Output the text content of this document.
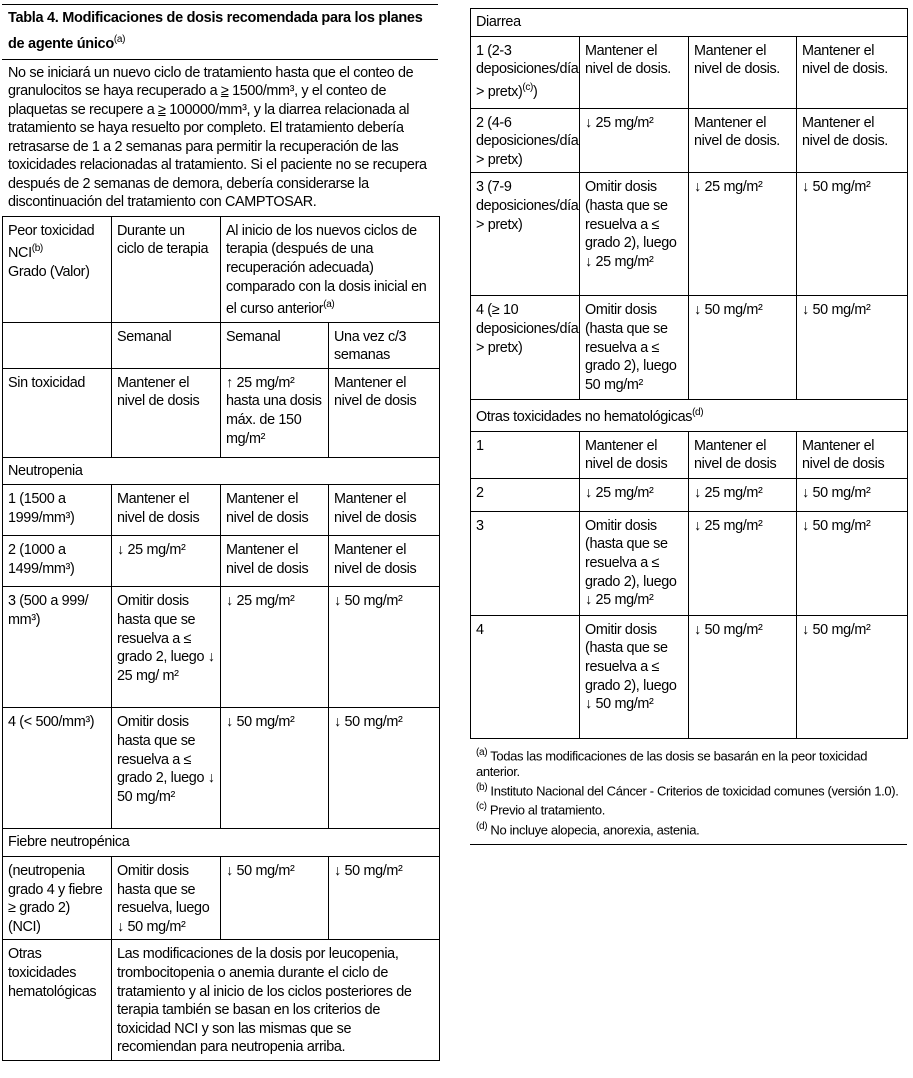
Tabla 4. Modificaciones de dosis recomendada para los planes de agente único$^{(a)}$
No se iniciará un nuevo ciclo de tratamiento hasta que el conteo de granulocitos se haya recuperado a ≥ 1500/mm³, y el conteo de plaquetas se recupere a ≥ 100000/mm³, y la diarrea relacionada al tratamiento se haya resuelto por completo. El tratamiento debería retrasarse de 1 a 2 semanas para permitir la recuperación de las toxicidades relacionadas al tratamiento. Si el paciente no se recupera después de 2 semanas de demora, debería considerarse la discontinuación del tratamiento con CAMPTOSAR.
Peor toxicidad NCI$^{(b)}$
Grado (Valor)	Durante un ciclo de terapia	Al inicio de los nuevos ciclos de terapia (después de una recuperación adecuada) comparado con la dosis inicial en el curso anterior$^{(a)}$
	Semanal	Semanal	Una vez c/3 semanas
Sin toxicidad	Mantener el nivel de dosis	↑ 25 mg/m² hasta una dosis máx. de 150 mg/m²	Mantener el nivel de dosis
Neutropenia			
1 (1500 a 1999/mm³)	Mantener el nivel de dosis	Mantener el nivel de dosis	Mantener el nivel de dosis
2 (1000 a 1499/mm³)	↓ 25 mg/m²	Mantener el nivel de dosis	Mantener el nivel de dosis
3 (500 a 999/ mm³)	Omitir dosis hasta que se resuelva a ≤ grado 2, luego ↓ 25 mg/ m²	↓ 25 mg/m²	↓ 50 mg/m²
4 (< 500/mm³)	Omitir dosis hasta que se resuelva a ≤ grado 2, luego ↓ 50 mg/m²	↓ 50 mg/m²	↓ 50 mg/m²
Fiebre neutropénica			
(neutropenia grado 4 y fiebre ≥ grado 2) (NCI)	Omitir dosis hasta que se resuelva, luego ↓ 50 mg/m²	↓ 50 mg/m²	↓ 50 mg/m²
Otras toxicidades hematológicas	Las modificaciones de la dosis por leucopenia, trombocitopenia o anemia durante el ciclo de tratamiento y al inicio de los ciclos posteriores de terapia también se basan en los criterios de toxicidad NCI y son las mismas que se recomiendan para neutropenia arriba.		
Diarrea			
1 (2-3 deposiciones/día > pretx)$^{(c)}$)	Mantener el nivel de dosis.	Mantener el nivel de dosis.	Mantener el nivel de dosis.
2 (4-6 deposiciones/día > pretx)	↓ 25 mg/m²	Mantener el nivel de dosis.	Mantener el nivel de dosis.
3 (7-9 deposiciones/día > pretx)	Omitir dosis (hasta que se resuelva a ≤ grado 2), luego ↓ 25 mg/m²	↓ 25 mg/m²	↓ 50 mg/m²
4 (≥ 10 deposiciones/día > pretx)	Omitir dosis (hasta que se resuelva a ≤ grado 2), luego 50 mg/m²	↓ 50 mg/m²	↓ 50 mg/m²
Otras toxicidades no hematológicas$^{(d)}$
1	Mantener el nivel de dosis	Mantener el nivel de dosis	Mantener el nivel de dosis
2	↓ 25 mg/m²	↓ 25 mg/m²	↓ 50 mg/m²
3	Omitir dosis (hasta que se resuelva a ≤ grado 2), luego ↓ 25 mg/m²	↓ 25 mg/m²	↓ 50 mg/m²
4	Omitir dosis (hasta que se resuelva a ≤ grado 2), luego ↓ 50 mg/m²	↓ 50 mg/m²	↓ 50 mg/m²
$^{(a)}$ Todas las modificaciones de las dosis se basarán en la peor toxicidad anterior.
$^{(b)}$ Instituto Nacional del Cáncer - Criterios de toxicidad comunes (versión 1.0).
$^{(c)}$ Previo al tratamiento.
$^{(d)}$ No incluye alopecia, anorexia, astenia.
